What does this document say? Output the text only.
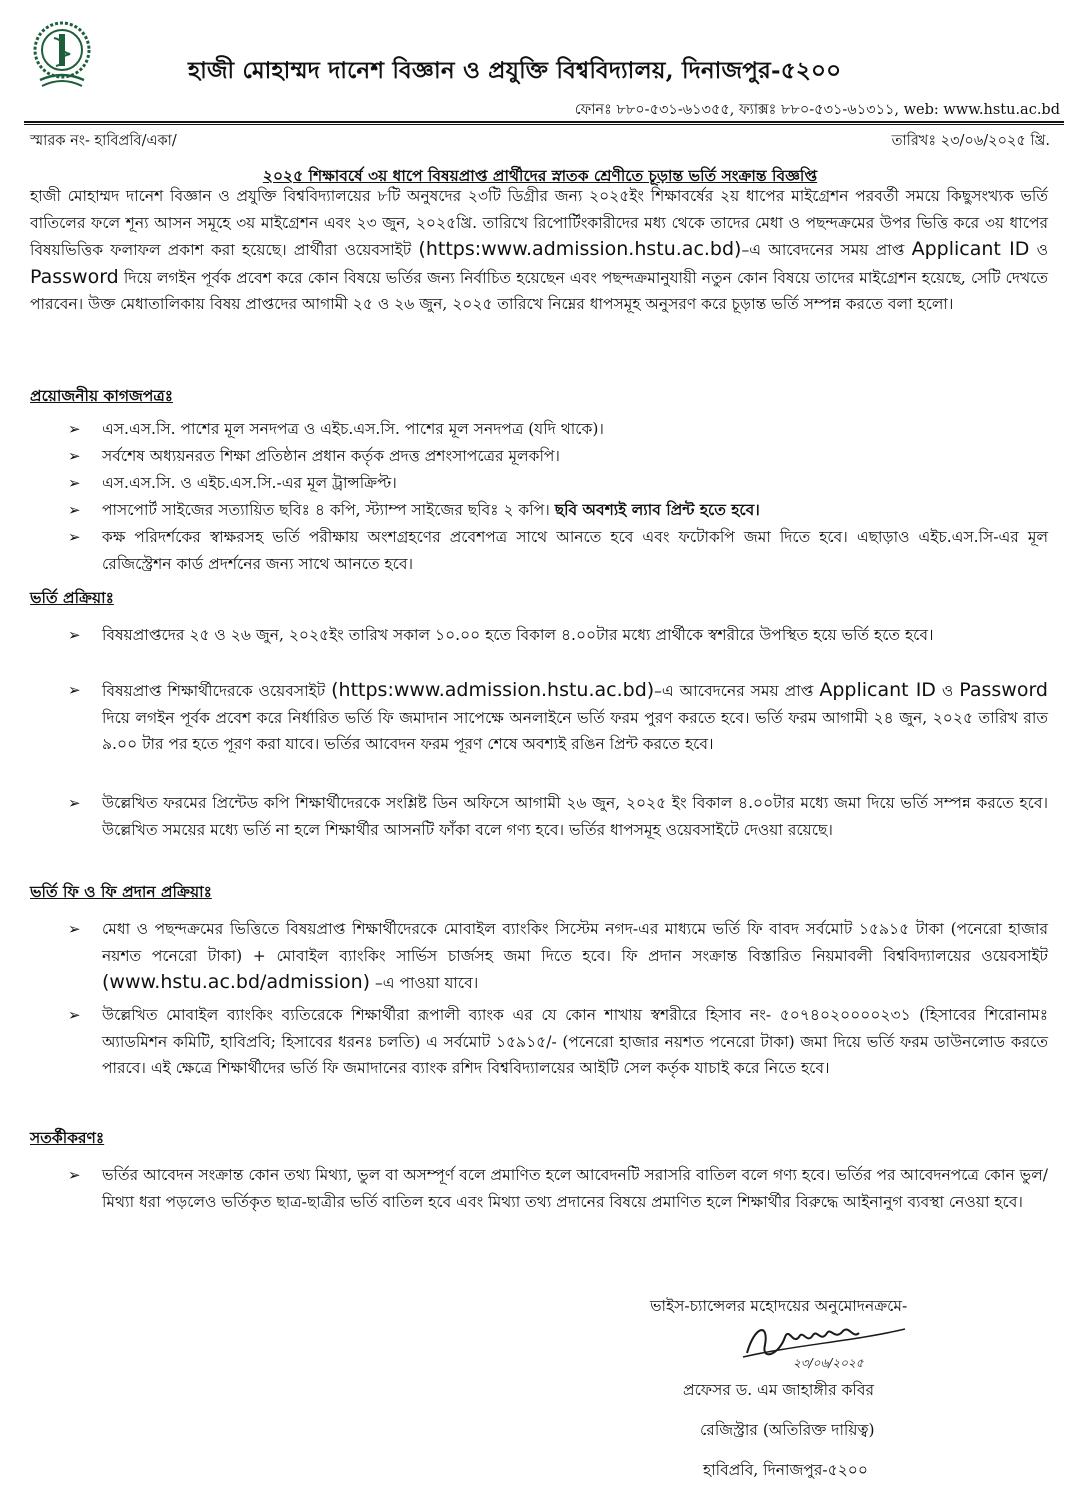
হাজী মোহাম্মদ দানেশ বিজ্ঞান ও প্রযুক্তি বিশ্ববিদ্যালয়, দিনাজপুর-৫২০০
ফোনঃ ৮৮০-৫৩১-৬১৩৫৫, ফ্যাক্সঃ ৮৮০-৫৩১-৬১৩১১, web: www.hstu.ac.bd
স্মারক নং- হাবিপ্রবি/একা/	তারিখঃ ২৩/০৬/২০২৫ খ্রি.
২০২৫ শিক্ষাবর্ষে ৩য় ধাপে বিষয়প্রাপ্ত প্রার্থীদের স্নাতক শ্রেণীতে চূড়ান্ত ভর্তি সংক্রান্ত বিজ্ঞপ্তি
হাজী মোহাম্মদ দানেশ বিজ্ঞান ও প্রযুক্তি বিশ্ববিদ্যালয়ের ৮টি অনুষদের ২৩টি ডিগ্রীর জন্য ২০২৫ইং শিক্ষাবর্ষের ২য় ধাপের মাইগ্রেশন পরবর্তী সময়ে কিছুসংখ্যক ভর্তি বাতিলের ফলে শূন্য আসন সমূহে ৩য় মাইগ্রেশন এবং ২৩ জুন, ২০২৫খ্রি. তারিখে রিপোর্টিংকারীদের মধ্য থেকে তাদের মেধা ও পছন্দক্রমের উপর ভিত্তি করে ৩য় ধাপের বিষয়ভিত্তিক ফলাফল প্রকাশ করা হয়েছে। প্রার্থীরা ওয়েবসাইট (https:www.admission.hstu.ac.bd)–এ আবেদনের সময় প্রাপ্ত Applicant ID ও Password দিয়ে লগইন পূর্বক প্রবেশ করে কোন বিষয়ে ভর্তির জন্য নির্বাচিত হয়েছেন এবং পছন্দক্রমানুযায়ী নতুন কোন বিষয়ে তাদের মাইগ্রেশন হয়েছে, সেটি দেখতে পারবেন। উক্ত মেধাতালিকায় বিষয় প্রাপ্তদের আগামী ২৫ ও ২৬ জুন, ২০২৫ তারিখে নিম্নের ধাপসমূহ অনুসরণ করে চূড়ান্ত ভর্তি সম্পন্ন করতে বলা হলো।
প্রয়োজনীয় কাগজপত্রঃ
➢	এস.এস.সি. পাশের মূল সনদপত্র ও এইচ.এস.সি. পাশের মূল সনদপত্র (যদি থাকে)।
➢	সর্বশেষ অধ্যয়নরত শিক্ষা প্রতিষ্ঠান প্রধান কর্তৃক প্রদত্ত প্রশংসাপত্রের মূলকপি।
➢	এস.এস.সি. ও এইচ.এস.সি.-এর মূল ট্রান্সক্রিপ্ট।
➢	পাসপোর্ট সাইজের সত্যায়িত ছবিঃ ৪ কপি, স্ট্যাম্প সাইজের ছবিঃ ২ কপি। ছবি অবশ্যই ল্যাব প্রিন্ট হতে হবে।
➢	কক্ষ পরিদর্শকের স্বাক্ষরসহ ভর্তি পরীক্ষায় অংশগ্রহণের প্রবেশপত্র সাথে আনতে হবে এবং ফটোকপি জমা দিতে হবে। এছাড়াও এইচ.এস.সি-এর মূল রেজিস্ট্রেশন কার্ড প্রদর্শনের জন্য সাথে আনতে হবে।
ভর্তি প্রক্রিয়াঃ
➢	বিষয়প্রাপ্তদের ২৫ ও ২৬ জুন, ২০২৫ইং তারিখ সকাল ১০.০০ হতে বিকাল ৪.০০টার মধ্যে প্রার্থীকে স্বশরীরে উপস্থিত হয়ে ভর্তি হতে হবে।
➢	বিষয়প্রাপ্ত শিক্ষার্থীদেরকে ওয়েবসাইট (https:www.admission.hstu.ac.bd)–এ আবেদনের সময় প্রাপ্ত Applicant ID ও Password দিয়ে লগইন পূর্বক প্রবেশ করে নির্ধারিত ভর্তি ফি জমাদান সাপেক্ষে অনলাইনে ভর্তি ফরম পুরণ করতে হবে। ভর্তি ফরম আগামী ২৪ জুন, ২০২৫ তারিখ রাত ৯.০০ টার পর হতে পূরণ করা যাবে। ভর্তির আবেদন ফরম পূরণ শেষে অবশ্যই রঙিন প্রিন্ট করতে হবে।
➢	উল্লেখিত ফরমের প্রিন্টেড কপি শিক্ষার্থীদেরকে সংশ্লিষ্ট ডিন অফিসে আগামী ২৬ জুন, ২০২৫ ইং বিকাল ৪.০০টার মধ্যে জমা দিয়ে ভর্তি সম্পন্ন করতে হবে। উল্লেখিত সময়ের মধ্যে ভর্তি না হলে শিক্ষার্থীর আসনটি ফাঁকা বলে গণ্য হবে। ভর্তির ধাপসমূহ ওয়েবসাইটে দেওয়া রয়েছে।
ভর্তি ফি ও ফি প্রদান প্রক্রিয়াঃ
➢	মেধা ও পছন্দক্রমের ভিত্তিতে বিষয়প্রাপ্ত শিক্ষার্থীদেরকে মোবাইল ব্যাংকিং সিস্টেম নগদ-এর মাধ্যমে ভর্তি ফি বাবদ সর্বমোট ১৫৯১৫ টাকা (পনেরো হাজার নয়শত পনেরো টাকা) + মোবাইল ব্যাংকিং সার্ভিস চার্জসহ জমা দিতে হবে। ফি প্রদান সংক্রান্ত বিস্তারিত নিয়মাবলী বিশ্ববিদ্যালয়ের ওয়েবসাইট (www.hstu.ac.bd/admission) –এ পাওয়া যাবে।
➢	উল্লেখিত মোবাইল ব্যাংকিং ব্যতিরেকে শিক্ষার্থীরা রূপালী ব্যাংক এর যে কোন শাখায় স্বশরীরে হিসাব নং- ৫০৭৪০২০০০০২৩১ (হিসাবের শিরোনামঃ অ্যাডমিশন কমিটি, হাবিপ্রবি; হিসাবের ধরনঃ চলতি) এ সর্বমোট ১৫৯১৫/- (পনেরো হাজার নয়শত পনেরো টাকা) জমা দিয়ে ভর্তি ফরম ডাউনলোড করতে পারবে। এই ক্ষেত্রে শিক্ষার্থীদের ভর্তি ফি জমাদানের ব্যাংক রশিদ বিশ্ববিদ্যালয়ের আইটি সেল কর্তৃক যাচাই করে নিতে হবে।
সতর্কীকরণঃ
➢	ভর্তির আবেদন সংক্রান্ত কোন তথ্য মিথ্যা, ভুল বা অসম্পূর্ণ বলে প্রমাণিত হলে আবেদনটি সরাসরি বাতিল বলে গণ্য হবে। ভর্তির পর আবেদনপত্রে কোন ভুল/মিথ্যা ধরা পড়লেও ভর্তিকৃত ছাত্র-ছাত্রীর ভর্তি বাতিল হবে এবং মিথ্যা তথ্য প্রদানের বিষয়ে প্রমাণিত হলে শিক্ষার্থীর বিরুদ্ধে আইনানুগ ব্যবস্থা নেওয়া হবে।
ভাইস-চ্যান্সেলর মহোদয়ের অনুমোদনক্রমে-
২৩/০৬/২০২৫
প্রফেসর ড. এম জাহাঙ্গীর কবির
রেজিস্ট্রার (অতিরিক্ত দায়িত্ব)
হাবিপ্রবি, দিনাজপুর-৫২০০
